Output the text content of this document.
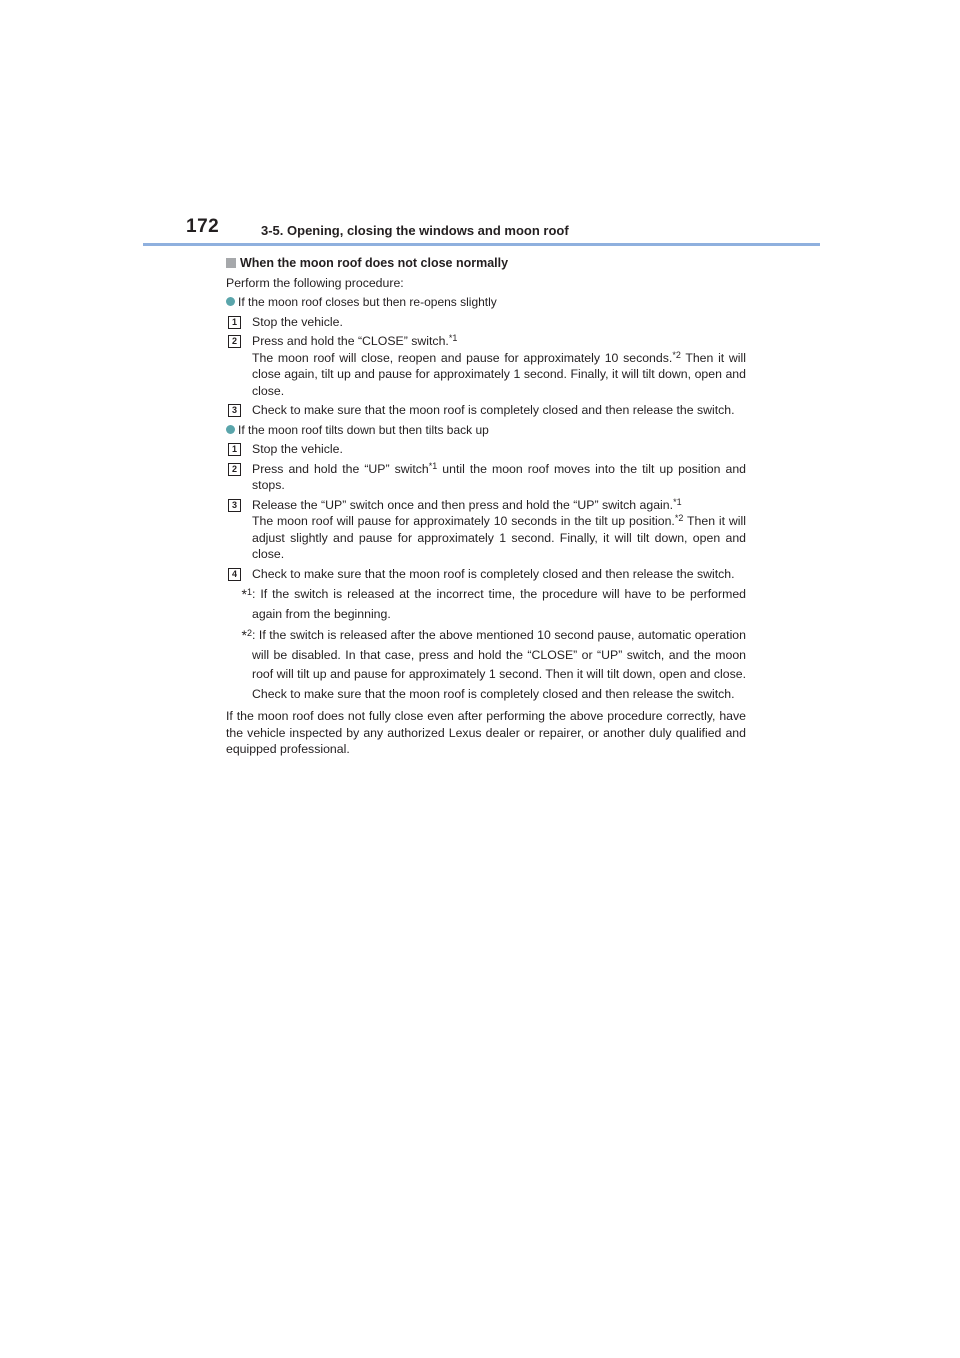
172	3-5. Opening, closing the windows and moon roof
When the moon roof does not close normally
Perform the following procedure:
If the moon roof closes but then re-opens slightly
1	Stop the vehicle.
2	Press and hold the “CLOSE” switch.$^{*1}$
The moon roof will close, reopen and pause for approximately 10 seconds.$^{*2}$ Then it will close again, tilt up and pause for approximately 1 second. Finally, it will tilt down, open and close.
3	Check to make sure that the moon roof is completely closed and then release the switch.
If the moon roof tilts down but then tilts back up
1	Stop the vehicle.
2	Press and hold the “UP” switch$^{*1}$ until the moon roof moves into the tilt up position and stops.
3	Release the “UP” switch once and then press and hold the “UP” switch again.$^{*1}$
The moon roof will pause for approximately 10 seconds in the tilt up position.$^{*2}$ Then it will adjust slightly and pause for approximately 1 second. Finally, it will tilt down, open and close.
4	Check to make sure that the moon roof is completely closed and then release the switch.
*$^1$ : If the switch is released at the incorrect time, the procedure will have to be performed again from the beginning.
*$^2$ : If the switch is released after the above mentioned 10 second pause, automatic operation will be disabled. In that case, press and hold the “CLOSE” or “UP” switch, and the moon roof will tilt up and pause for approximately 1 second. Then it will tilt down, open and close. Check to make sure that the moon roof is completely closed and then release the switch.
If the moon roof does not fully close even after performing the above procedure correctly, have the vehicle inspected by any authorized Lexus dealer or repairer, or another duly qualified and equipped professional.
